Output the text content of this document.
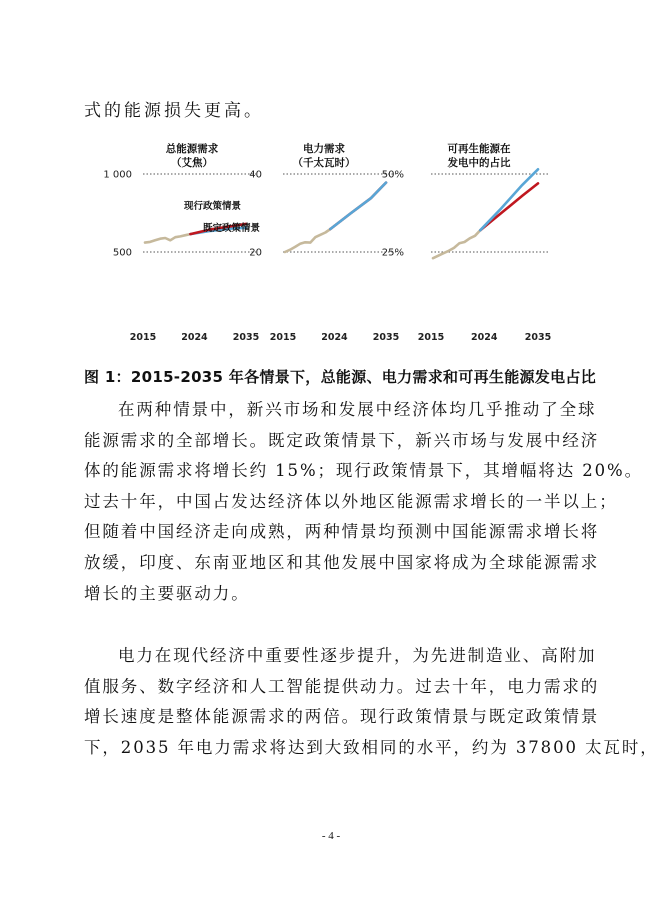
式的能源损失更高。
总能源需求
（艾焦）
1 000
500
2015	2024	2035
现行政策情景
既定政策情景
电力需求
（千太瓦时）
40
20
2015	2024	2035
可再生能源在
发电中的占比
50%
25%
2015	2024	2035
图 1：2015-2035 年各情景下，总能源、电力需求和可再生能源发电占比

在两种情景中，新兴市场和发展中经济体均几乎推动了全球

能源需求的全部增长。既定政策情景下，新兴市场与发展中经济

体的能源需求将增长约 15%；现行政策情景下，其增幅将达 20%。

过去十年，中国占发达经济体以外地区能源需求增长的一半以上；

但随着中国经济走向成熟，两种情景均预测中国能源需求增长将

放缓，印度、东南亚地区和其他发展中国家将成为全球能源需求

增长的主要驱动力。

电力在现代经济中重要性逐步提升，为先进制造业、高附加

值服务、数字经济和人工智能提供动力。过去十年，电力需求的

增长速度是整体能源需求的两倍。现行政策情景与既定政策情景

下，2035 年电力需求将达到大致相同的水平，约为 37800 太瓦时，

- 4 -
